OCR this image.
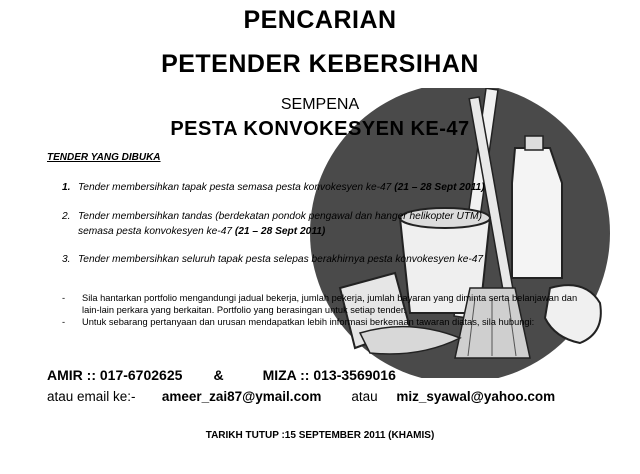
PENCARIAN
PETENDER KEBERSIHAN
SEMPENA
PESTA KONVOKESYEN KE-47
TENDER YANG DIBUKA
1. Tender membersihkan tapak pesta semasa pesta konvokesyen ke-47 (21 – 28 Sept 2011)
2. Tender membersihkan tandas (berdekatan pondok pengawal dan hanger helikopter UTM)
semasa pesta konvokesyen ke-47 (21 – 28 Sept 2011)
3. Tender membersihkan seluruh tapak pesta selepas berakhirnya pesta konvokesyen ke-47
- Sila hantarkan portfolio mengandungi jadual bekerja, jumlah pekerja, jumlah bayaran yang diminta serta belanjawan dan lain-lain perkara yang berkaitan. Portfolio yang berasingan untuk setiap tender.
- Untuk sebarang pertanyaan dan urusan mendapatkan lebih informasi berkenaan tawaran diatas, sila hubungi:
AMIR :: 017-6702625 &	MIZA :: 013-3569016
atau email ke:- ameer_zai87@ymail.com atau miz_syawal@yahoo.com
TARIKH TUTUP :15 SEPTEMBER 2011 (KHAMIS)
